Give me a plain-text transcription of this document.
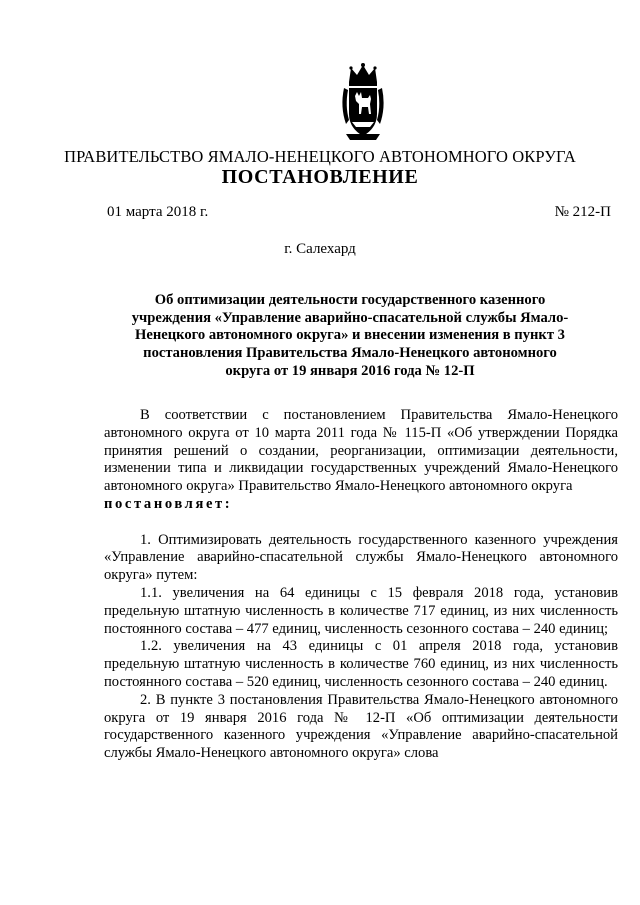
ПРАВИТЕЛЬСТВО ЯМАЛО-НЕНЕЦКОГО АВТОНОМНОГО ОКРУГА
ПОСТАНОВЛЕНИЕ
01 марта 2018 г.	№ 212-П
г. Салехард
Об оптимизации деятельности государственного казенного учреждения «Управление аварийно-спасательной службы Ямало-Ненецкого автономного округа» и внесении изменения в пункт 3 постановления Правительства Ямало-Ненецкого автономного округа от 19 января 2016 года № 12-П

В соответствии с постановлением Правительства Ямало-Ненецкого автономного округа от 10 марта 2011 года № 115-П «Об утверждении Порядка принятия решений о создании, реорганизации, оптимизации деятельности, изменении типа и ликвидации государственных учреждений Ямало-Ненецкого автономного округа» Правительство Ямало-Ненецкого автономного округа

постановляет:

1. Оптимизировать деятельность государственного казенного учреждения «Управление аварийно-спасательной службы Ямало-Ненецкого автономного округа» путем:

1.1. увеличения на 64 единицы с 15 февраля 2018 года, установив предельную штатную численность в количестве 717 единиц, из них численность постоянного состава – 477 единиц, численность сезонного состава – 240 единиц;

1.2. увеличения на 43 единицы с 01 апреля 2018 года, установив предельную штатную численность в количестве 760 единиц, из них численность постоянного состава – 520 единиц, численность сезонного состава – 240 единиц.

2. В пункте 3 постановления Правительства Ямало-Ненецкого автономного округа от 19 января 2016 года № 12-П «Об оптимизации деятельности государственного казенного учреждения «Управление аварийно-спасательной службы Ямало-Ненецкого автономного округа» слова
